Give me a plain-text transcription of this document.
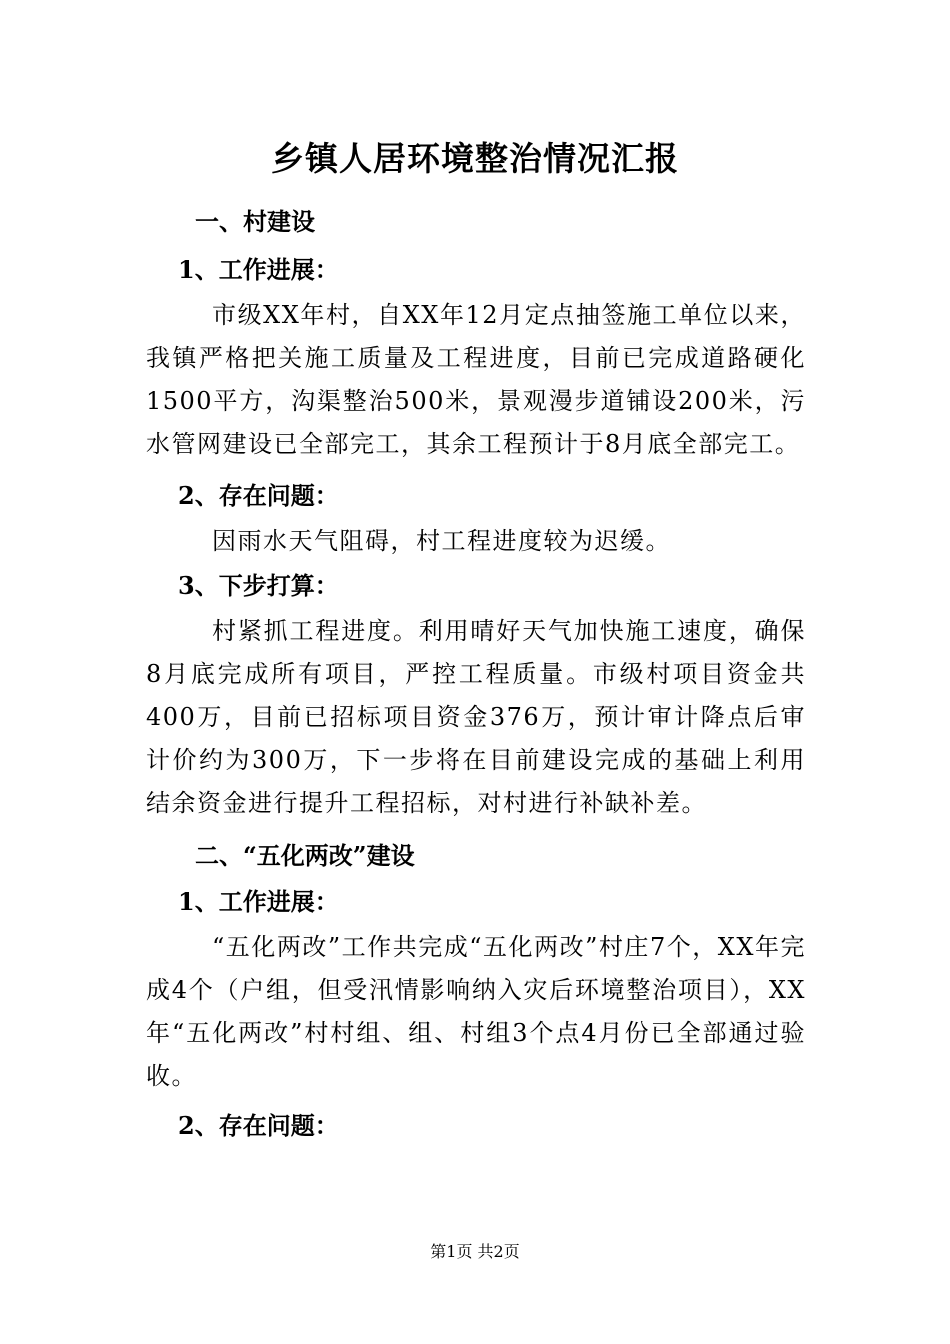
乡镇人居环境整治情况汇报
一、村建设
1、工作进展：
市级XX年村，自XX年12月定点抽签施工单位以来，我镇严格把关施工质量及工程进度，目前已完成道路硬化1500平方，沟渠整治500米，景观漫步道铺设200米，污水管网建设已全部完工，其余工程预计于8月底全部完工。
2、存在问题：
因雨水天气阻碍，村工程进度较为迟缓。
3、下步打算：
村紧抓工程进度。利用晴好天气加快施工速度，确保8月底完成所有项目，严控工程质量。市级村项目资金共400万，目前已招标项目资金376万，预计审计降点后审计价约为300万，下一步将在目前建设完成的基础上利用结余资金进行提升工程招标，对村进行补缺补差。
二、“五化两改”建设
1、工作进展：
“五化两改”工作共完成“五化两改”村庄7个，XX年完成4个（户组，但受汛情影响纳入灾后环境整治项目），XX年“五化两改”村村组、组、村组3个点4月份已全部通过验收。
2、存在问题：
第1页 共2页
